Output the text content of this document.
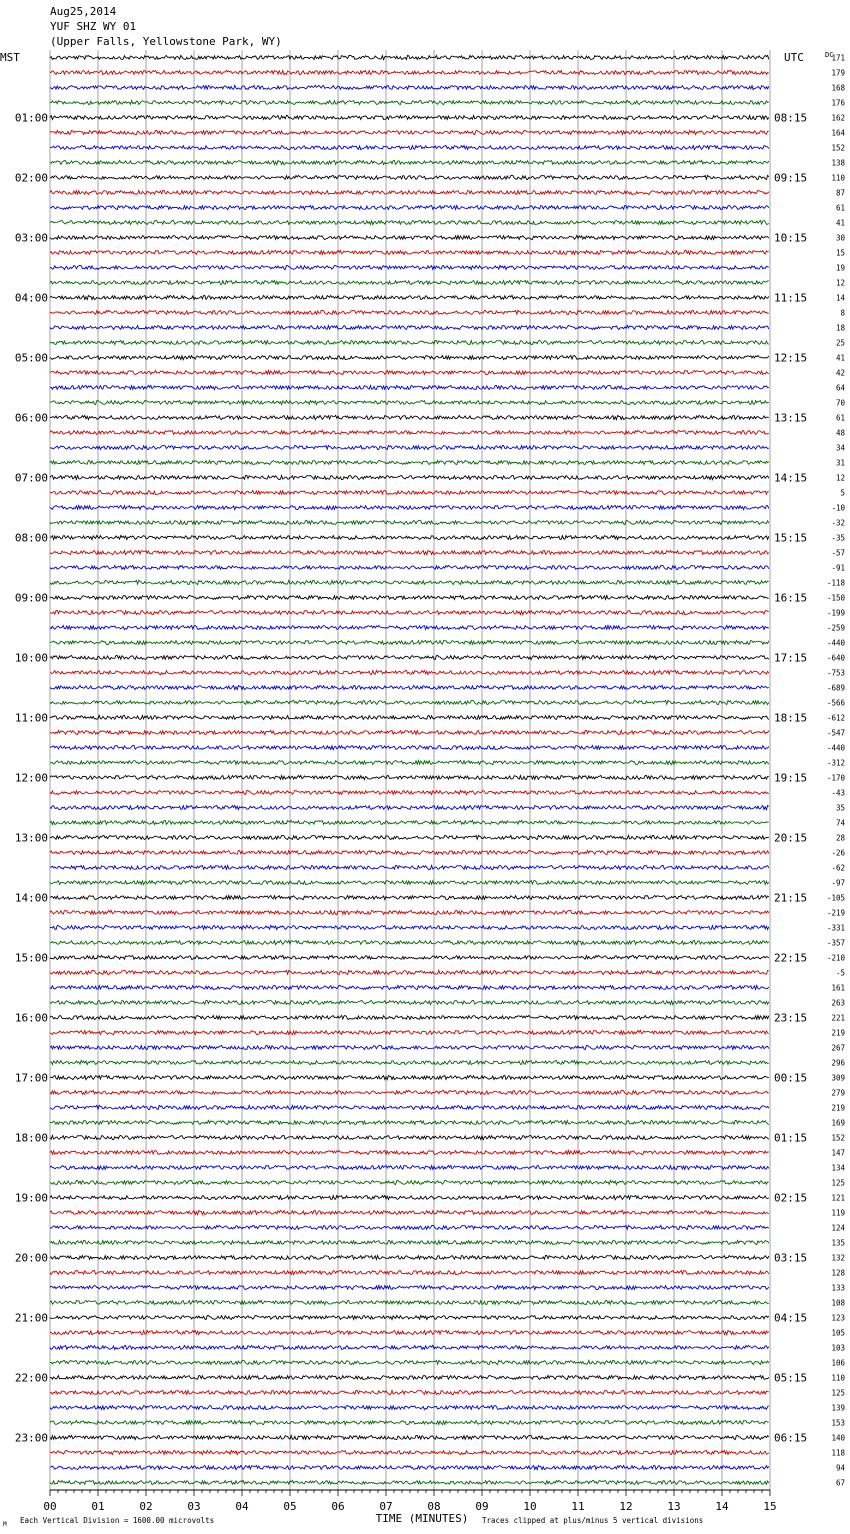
Aug25,2014
YUF SHZ WY 01
(Upper Falls, Yellowstone Park, WY)
MST	UTC	DC
01:00
02:00
03:00
04:00
05:00
06:00
07:00
08:00
09:00
10:00
11:00
12:00
13:00
14:00
15:00
16:00
17:00
18:00
19:00
20:00
21:00
22:00
23:00
08:15
09:15
10:15
11:15
12:15
13:15
14:15
15:15
16:15
17:15
18:15
19:15
20:15
21:15
22:15
23:15
00:15
01:15
02:15
03:15
04:15
05:15
06:15
171
179
168
176
162
164
152
138
110
87
61
41
30
15
19
12
14
8
18
25
41
42
64
70
61
48
34
31
12
5
-10
-32
-35
-57
-91
-118
-150
-199
-259
-440
-640
-753
-689
-566
-612
-547
-440
-312
-170
-43
35
74
28
-26
-62
-97
-105
-219
-331
-357
-210
-5
161
263
221
219
267
296
309
279
219
169
152
147
134
125
121
119
124
135
132
128
133
108
123
105
103
106
110
125
139
153
140
118
94
67
00	01	02	03	04	05	06	07	08	09	10	11	12	13	14	15
TIME (MINUTES)
Each Vertical Division = 1600.00 microvolts	Traces clipped at plus/minus 5 vertical divisions
M
